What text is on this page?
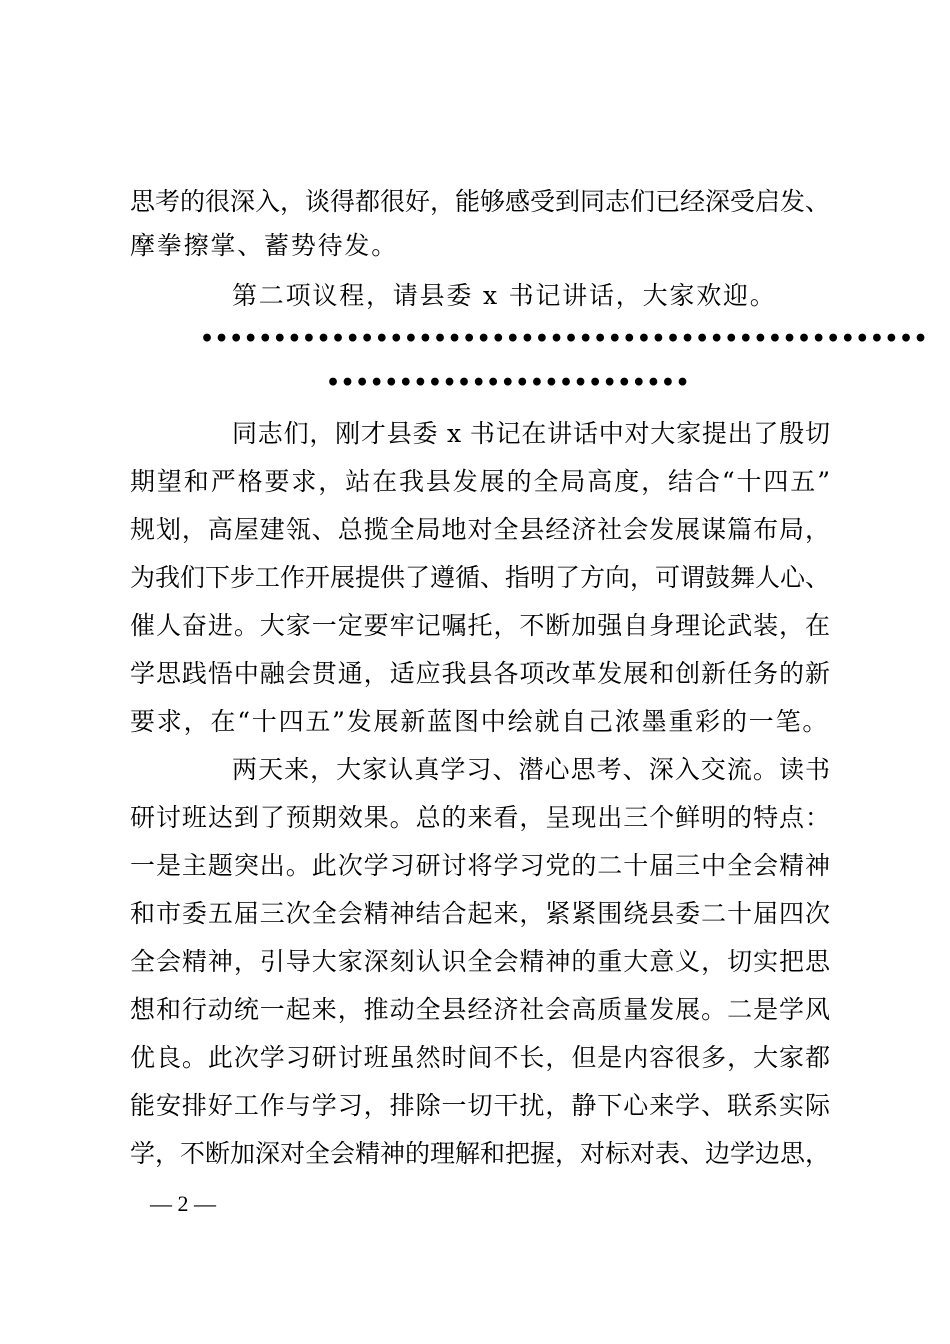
思考的很深入，谈得都很好，能够感受到同志们已经深受启发、
摩拳擦掌、蓄势待发。
第二项议程，请县委 x 书记讲话，大家欢迎。
••••••••••••••••••••••••••••••••••••••••••••••••••
•••••••••••••••••••••••••
同志们，刚才县委 x 书记在讲话中对大家提出了殷切
期望和严格要求，站在我县发展的全局高度，结合“十四五”
规划，高屋建瓴、总揽全局地对全县经济社会发展谋篇布局，
为我们下步工作开展提供了遵循、指明了方向，可谓鼓舞人心、
催人奋进。大家一定要牢记嘱托，不断加强自身理论武装，在
学思践悟中融会贯通，适应我县各项改革发展和创新任务的新
要求，在“十四五”发展新蓝图中绘就自己浓墨重彩的一笔。
两天来，大家认真学习、潜心思考、深入交流。读书
研讨班达到了预期效果。总的来看，呈现出三个鲜明的特点：
一是主题突出。此次学习研讨将学习党的二十届三中全会精神
和市委五届三次全会精神结合起来，紧紧围绕县委二十届四次
全会精神，引导大家深刻认识全会精神的重大意义，切实把思
想和行动统一起来，推动全县经济社会高质量发展。二是学风
优良。此次学习研讨班虽然时间不长，但是内容很多，大家都
能安排好工作与学习，排除一切干扰，静下心来学、联系实际
学，不断加深对全会精神的理解和把握，对标对表、边学边思，
— 2 —
